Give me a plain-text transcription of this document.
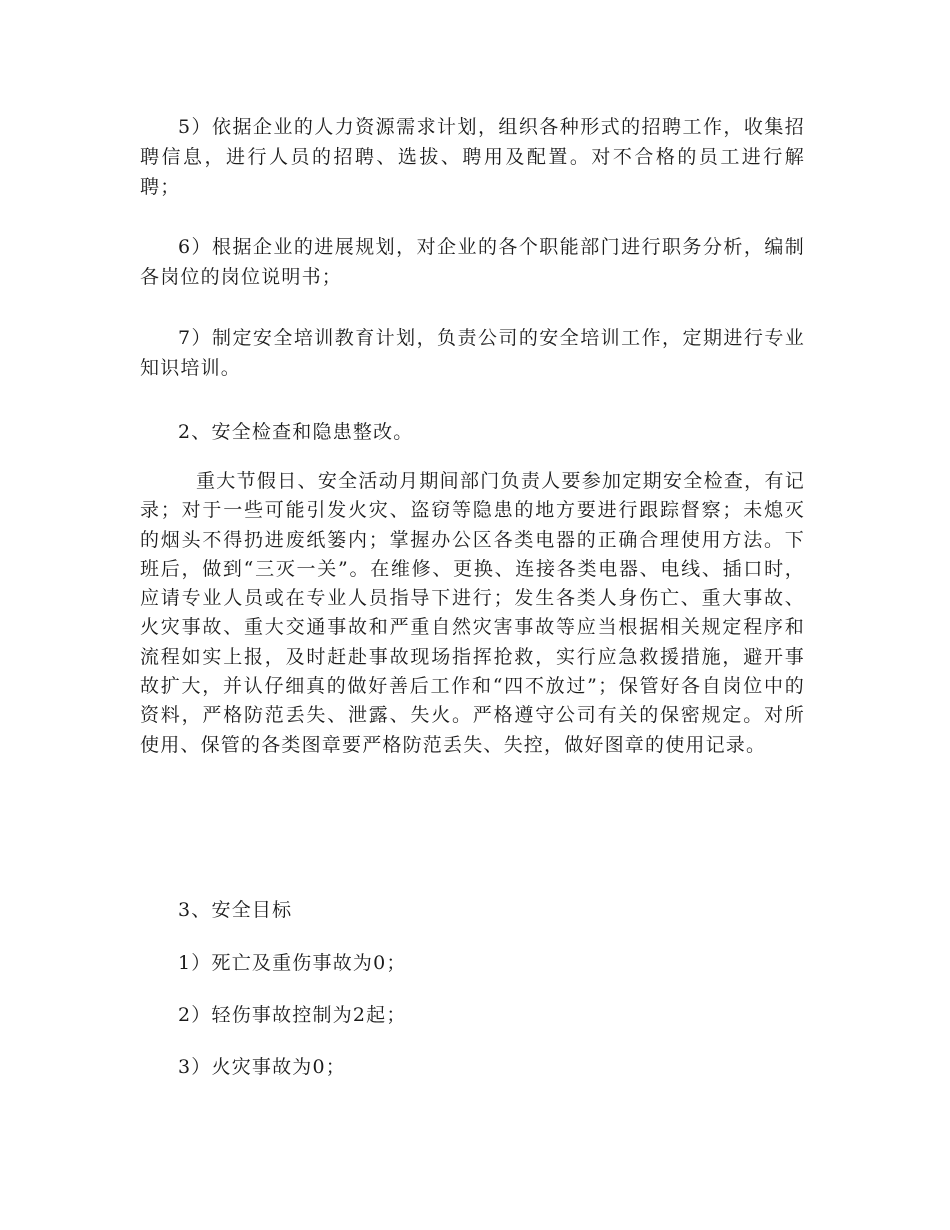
5）依据企业的人力资源需求计划，组织各种形式的招聘工作，收集招聘信息，进行人员的招聘、选拔、聘用及配置。对不合格的员工进行解聘；

6）根据企业的进展规划，对企业的各个职能部门进行职务分析，编制各岗位的岗位说明书；

7）制定安全培训教育计划，负责公司的安全培训工作，定期进行专业知识培训。

2、安全检查和隐患整改。

重大节假日、安全活动月期间部门负责人要参加定期安全检查，有记录；对于一些可能引发火灾、盗窃等隐患的地方要进行跟踪督察；未熄灭的烟头不得扔进废纸篓内；掌握办公区各类电器的正确合理使用方法。下班后，做到“三灭一关”。在维修、更换、连接各类电器、电线、插口时，应请专业人员或在专业人员指导下进行；发生各类人身伤亡、重大事故、火灾事故、重大交通事故和严重自然灾害事故等应当根据相关规定程序和流程如实上报，及时赶赴事故现场指挥抢救，实行应急救援措施，避开事故扩大，并认仔细真的做好善后工作和“四不放过”；保管好各自岗位中的资料，严格防范丢失、泄露、失火。严格遵守公司有关的保密规定。对所使用、保管的各类图章要严格防范丢失、失控，做好图章的使用记录。

3、安全目标

1）死亡及重伤事故为0；

2）轻伤事故控制为2起；

3）火灾事故为0；
